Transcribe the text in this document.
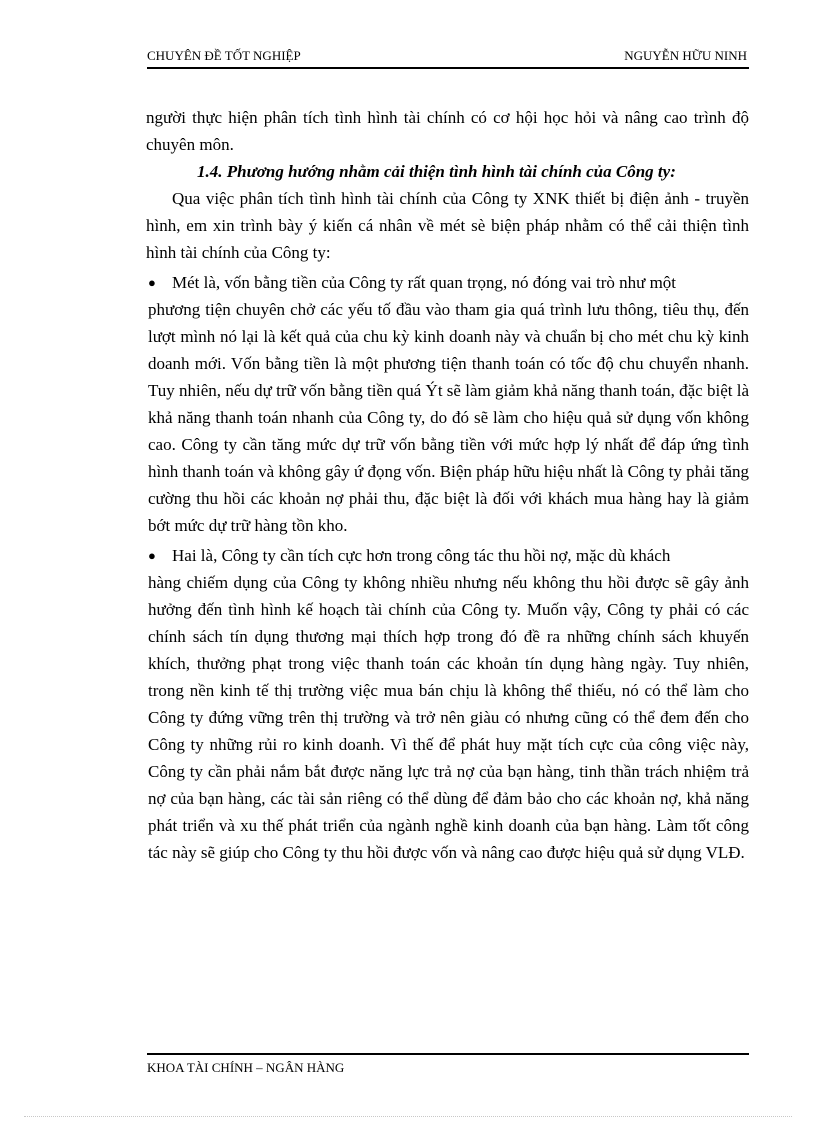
CHUYÊN ĐỀ TỐT NGHIỆP	NGUYỄN HỮU NINH

người thực hiện phân tích tình hình tài chính có cơ hội học hỏi và nâng cao trình độ chuyên môn.

1.4. Phương hướng nhằm cải thiện tình hình tài chính của Công ty:

Qua việc phân tích tình hình tài chính của Công ty XNK thiết bị điện ảnh - truyền hình, em xin trình bày ý kiến cá nhân về mét sè biện pháp nhằm có thể cải thiện tình hình tài chính của Công ty:

● Mét là, vốn bằng tiền của Công ty rất quan trọng, nó đóng vai trò như một
phương tiện chuyên chở các yếu tố đầu vào tham gia quá trình lưu thông, tiêu thụ, đến lượt mình nó lại là kết quả của chu kỳ kinh doanh này và chuẩn bị cho mét chu kỳ kinh doanh mới. Vốn bằng tiền là một phương tiện thanh toán có tốc độ chu chuyển nhanh. Tuy nhiên, nếu dự trữ vốn bằng tiền quá Ýt sẽ làm giảm khả năng thanh toán, đặc biệt là khả năng thanh toán nhanh của Công ty, do đó sẽ làm cho hiệu quả sử dụng vốn không cao. Công ty cần tăng mức dự trữ vốn bằng tiền với mức hợp lý nhất để đáp ứng tình hình thanh toán và không gây ứ đọng vốn. Biện pháp hữu hiệu nhất là Công ty phải tăng cường thu hồi các khoản nợ phải thu, đặc biệt là đối với khách mua hàng hay là giảm bớt mức dự trữ hàng tồn kho.
● Hai là, Công ty cần tích cực hơn trong công tác thu hồi nợ, mặc dù khách
hàng chiếm dụng của Công ty không nhiều nhưng nếu không thu hồi được sẽ gây ảnh hưởng đến tình hình kế hoạch tài chính của Công ty. Muốn vậy, Công ty phải có các chính sách tín dụng thương mại thích hợp trong đó đề ra những chính sách khuyến khích, thưởng phạt trong việc thanh toán các khoản tín dụng hàng ngày. Tuy nhiên, trong nền kinh tế thị trường việc mua bán chịu là không thể thiếu, nó có thể làm cho Công ty đứng vững trên thị trường và trở nên giàu có nhưng cũng có thể đem đến cho Công ty những rủi ro kinh doanh. Vì thế để phát huy mặt tích cực của công việc này, Công ty cần phải nắm bắt được năng lực trả nợ của bạn hàng, tinh thần trách nhiệm trả nợ của bạn hàng, các tài sản riêng có thể dùng để đảm bảo cho các khoản nợ, khả năng phát triển và xu thế phát triển của ngành nghề kinh doanh của bạn hàng. Làm tốt công tác này sẽ giúp cho Công ty thu hồi được vốn và nâng cao được hiệu quả sử dụng VLĐ.
KHOA TÀI CHÍNH – NGÂN HÀNG
